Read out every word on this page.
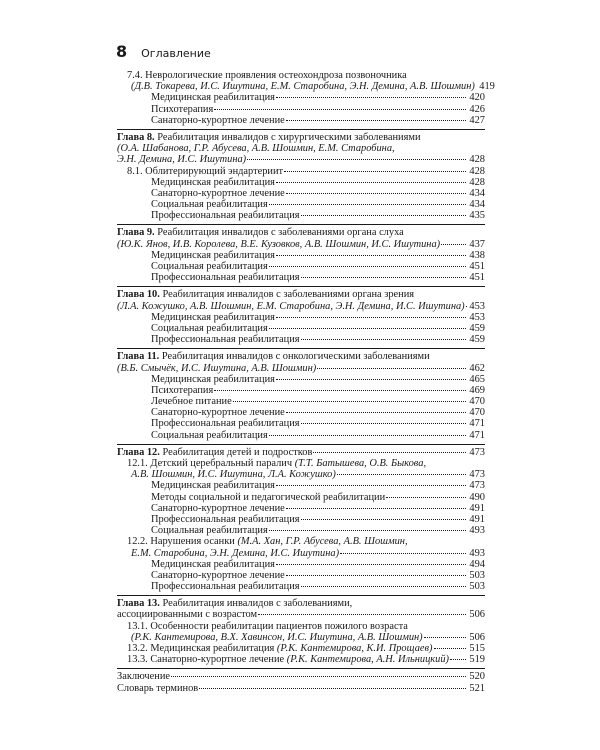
8 Оглавление
7.4. Неврологические проявления остеохондроза позвоночника
(Д.В. Токарева, И.С. Ишутина, Е.М. Старобина, Э.Н. Демина, А.В. Шошмин) 419
Медицинская реабилитация	420
Психотерапия	426
Санаторно-курортное лечение	427
Глава 8. Реабилитация инвалидов с хирургическими заболеваниями
(О.А. Шабанова, Г.Р. Абусева, А.В. Шошмин, Е.М. Старобина,
Э.Н. Демина, И.С. Ишутина)	428
8.1. Облитерирующий эндартериит	428
Медицинская реабилитация	428
Санаторно-курортное лечение	434
Социальная реабилитация	434
Профессиональная реабилитация	435
Глава 9. Реабилитация инвалидов с заболеваниями органа слуха
(Ю.К. Янов, И.В. Королева, В.Е. Кузовков, А.В. Шошмин, И.С. Ишутина)	437
Медицинская реабилитация	438
Социальная реабилитация	451
Профессиональная реабилитация	451
Глава 10. Реабилитация инвалидов с заболеваниями органа зрения
(Л.А. Кожушко, А.В. Шошмин, Е.М. Старобина, Э.Н. Демина, И.С. Ишутина) 453
Медицинская реабилитация	453
Социальная реабилитация	459
Профессиональная реабилитация	459
Глава 11. Реабилитация инвалидов с онкологическими заболеваниями
(В.Б. Смычёк, И.С. Ишутина, А.В. Шошмин)	462
Медицинская реабилитация	465
Психотерапия	469
Лечебное питание	470
Санаторно-курортное лечение	470
Профессиональная реабилитация	471
Социальная реабилитация	471
Глава 12. Реабилитация детей и подростков	473
12.1. Детский церебральный паралич (Т.Т. Батышева, О.В. Быкова,
А.В. Шошмин, И.С. Ишутина, Л.А. Кожушко)	473
Медицинская реабилитация	473
Методы социальной и педагогической реабилитации	490
Санаторно-курортное лечение	491
Профессиональная реабилитация	491
Социальная реабилитация	493
12.2. Нарушения осанки (М.А. Хан, Г.Р. Абусева, А.В. Шошмин,
Е.М. Старобина, Э.Н. Демина, И.С. Ишутина)	493
Медицинская реабилитация	494
Санаторно-курортное лечение	503
Профессиональная реабилитация	503
Глава 13. Реабилитация инвалидов с заболеваниями,
ассоциированными с возрастом	506
13.1. Особенности реабилитации пациентов пожилого возраста
(Р.К. Кантемирова, В.Х. Хавинсон, И.С. Ишутина, А.В. Шошмин)	506
13.2. Медицинская реабилитация (Р.К. Кантемирова, К.И. Прощаев)	515
13.3. Санаторно-курортное лечение (Р.К. Кантемирова, А.Н. Ильницкий) 519
Заключение	520
Словарь терминов	521
